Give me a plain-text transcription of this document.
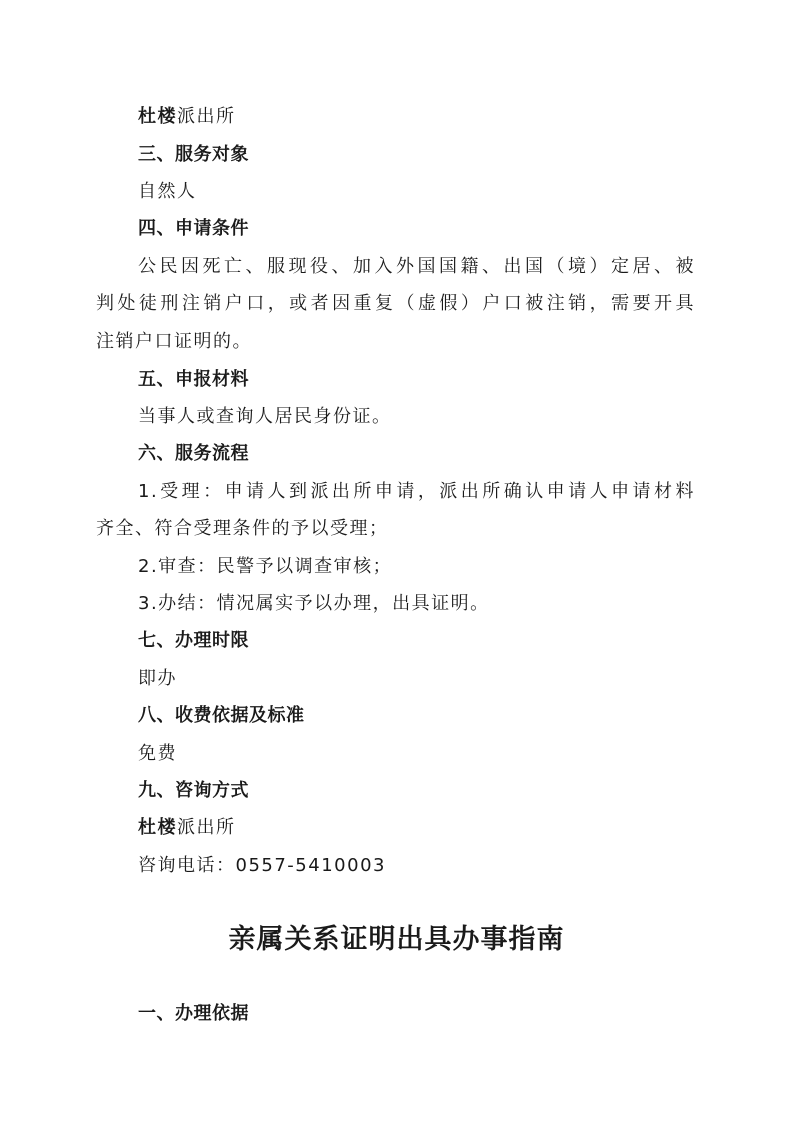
杜楼派出所
三、服务对象
自然人
四、申请条件
公民因死亡、服现役、加入外国国籍、出国（境）定居、被
判处徒刑注销户口，或者因重复（虚假）户口被注销，需要开具
注销户口证明的。
五、申报材料
当事人或查询人居民身份证。
六、服务流程
1.受理：申请人到派出所申请，派出所确认申请人申请材料
齐全、符合受理条件的予以受理；
2.审查：民警予以调查审核；
3.办结：情况属实予以办理，出具证明。
七、办理时限
即办
八、收费依据及标准
免费
九、咨询方式
杜楼派出所
咨询电话：0557-5410003
亲属关系证明出具办事指南
一、办理依据
